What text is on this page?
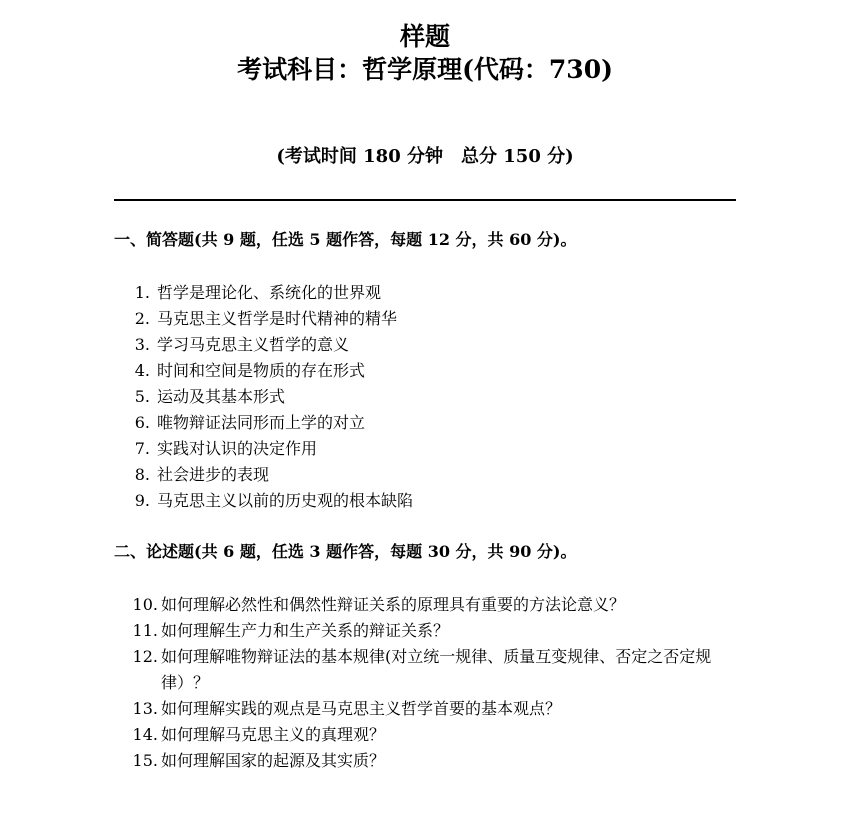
样题
考试科目：哲学原理(代码：730)
(考试时间 180 分钟　总分 150 分)
一、简答题(共 9 题，任选 5 题作答，每题 12 分，共 60 分)。
1. 哲学是理论化、系统化的世界观
2. 马克思主义哲学是时代精神的精华
3. 学习马克思主义哲学的意义
4. 时间和空间是物质的存在形式
5. 运动及其基本形式
6. 唯物辩证法同形而上学的对立
7. 实践对认识的决定作用
8. 社会进步的表现
9. 马克思主义以前的历史观的根本缺陷
二、论述题(共 6 题，任选 3 题作答，每题 30 分，共 90 分)。
10. 如何理解必然性和偶然性辩证关系的原理具有重要的方法论意义？
11. 如何理解生产力和生产关系的辩证关系？
12. 如何理解唯物辩证法的基本规律(对立统一规律、质量互变规律、否定之否定规律）？
13. 如何理解实践的观点是马克思主义哲学首要的基本观点？
14. 如何理解马克思主义的真理观？
15. 如何理解国家的起源及其实质？
